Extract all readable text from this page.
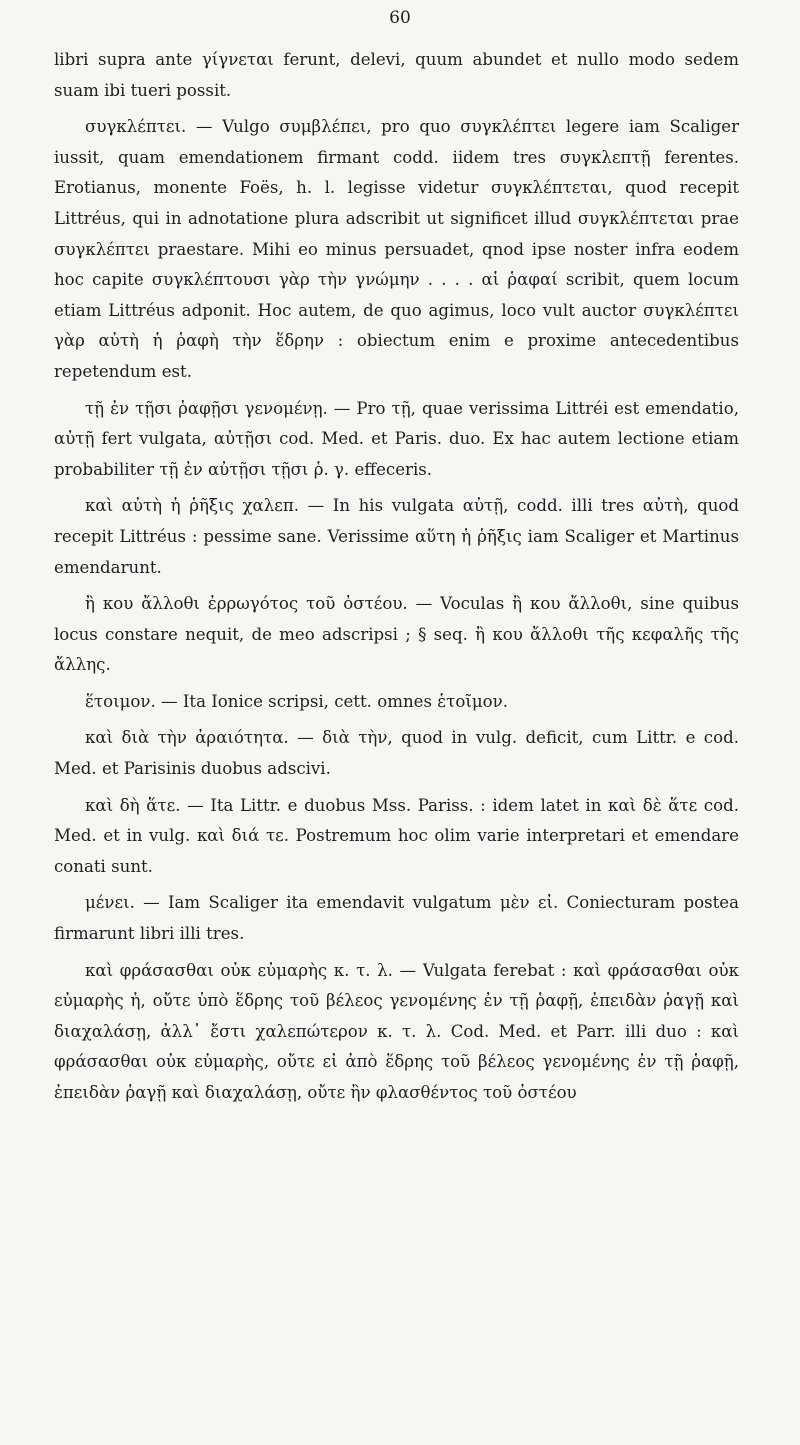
60

libri supra ante γίγνεται ferunt, delevi, quum abundet et nullo modo sedem suam ibi tueri possit.

συγκλέπτει. — Vulgo συμβλέπει, pro quo συγκλέπτει legere iam Scaliger iussit, quam emendationem firmant codd. iidem tres συγκλεπτῇ ferentes. Erotianus, monente Foës, h. l. legisse videtur συγκλέπτεται, quod recepit Littréus, qui in adnotatione plura adscribit ut significet illud συγκλέπτεται prae συγκλέπτει praestare. Mihi eo minus persuadet, qnod ipse noster infra eodem hoc capite συγκλέπτουσι γὰρ τὴν γνώμην . . . . αἱ ῥαφαί scribit, quem locum etiam Littréus adponit. Hoc autem, de quo agimus, loco vult auctor συγκλέπτει γὰρ αὐτὴ ἡ ῥαφὴ τὴν ἕδρην : obiectum enim e proxime antecedentibus repetendum est.

τῇ ἐν τῇσι ῥαφῇσι γενομένῃ. — Pro τῇ, quae verissima Littréi est emendatio, αὐτῇ fert vulgata, αὐτῇσι cod. Med. et Paris. duo. Ex hac autem lectione etiam probabiliter τῇ ἐν αὐτῇσι τῇσι ῥ. γ. effeceris.

καὶ αὐτὴ ἡ ῥῆξις χαλεπ. — In his vulgata αὐτῇ, codd. illi tres αὐτὴ, quod recepit Littréus : pessime sane. Verissime αὕτη ἡ ῥῆξις iam Scaliger et Martinus emendarunt.

ἢ κου ἄλλοθι ἐρρωγότος τοῦ ὀστέου. — Voculas ἢ κου ἄλλοθι, sine quibus locus constare nequit, de meo adscripsi ; § seq. ἢ κου ἄλλοθι τῆς κεφαλῆς τῆς ἄλλης.

ἕτοιμον. — Ita Ionice scripsi, cett. omnes ἑτοῖμον.

καὶ διὰ τὴν ἀραιότητα. — διὰ τὴν, quod in vulg. deficit, cum Littr. e cod. Med. et Parisinis duobus adscivi.

καὶ δὴ ἅτε. — Ita Littr. e duobus Mss. Pariss. : idem latet in καὶ δὲ ἅτε cod. Med. et in vulg. καὶ διά τε. Postremum hoc olim varie interpretari et emendare conati sunt.

μένει. — Iam Scaliger ita emendavit vulgatum μὲν εἰ. Coniecturam postea firmarunt libri illi tres.

καὶ φράσασθαι οὐκ εὐμαρὴς κ. τ. λ. — Vulgata ferebat : καὶ φράσασθαι οὐκ εὐμαρὴς ἡ, οὔτε ὑπὸ ἕδρης τοῦ βέλεος γενομένης ἐν τῇ ῥαφῇ, ἐπειδὰν ῥαγῇ καὶ διαχαλάσῃ, ἀλλ᾽ ἔστι χαλεπώτερον κ. τ. λ. Cod. Med. et Parr. illi duo : καὶ φράσασθαι οὐκ εὐμαρὴς, οὔτε εἰ ἀπὸ ἕδρης τοῦ βέλεος γενομένης ἐν τῇ ῥαφῇ, ἐπειδὰν ῥαγῇ καὶ διαχαλάσῃ, οὔτε ἢν φλασθέντος τοῦ ὀστέου
